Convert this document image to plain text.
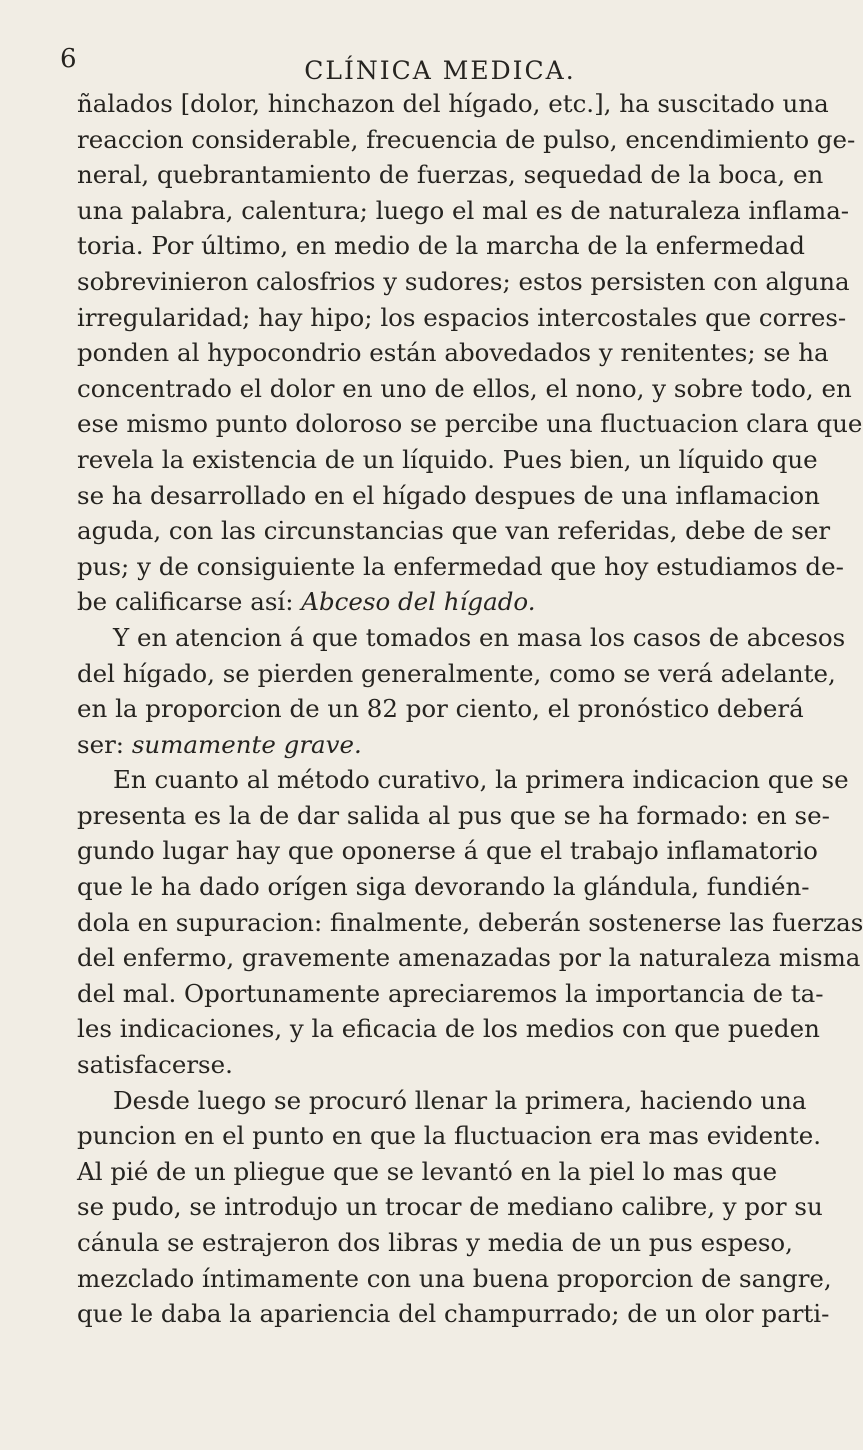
6	CLÍNICA MEDICA.
ñalados [dolor, hinchazon del hígado, etc.], ha suscitado una
reaccion considerable, frecuencia de pulso, encendimiento ge-
neral, quebrantamiento de fuerzas, sequedad de la boca, en
una palabra, calentura; luego el mal es de naturaleza inflama-
toria. Por último, en medio de la marcha de la enfermedad
sobrevinieron calosfrios y sudores; estos persisten con alguna
irregularidad; hay hipo; los espacios intercostales que corres-
ponden al hypocondrio están abovedados y renitentes; se ha
concentrado el dolor en uno de ellos, el nono, y sobre todo, en
ese mismo punto doloroso se percibe una fluctuacion clara que
revela la existencia de un líquido. Pues bien, un líquido que
se ha desarrollado en el hígado despues de una inflamacion
aguda, con las circunstancias que van referidas, debe de ser
pus; y de consiguiente la enfermedad que hoy estudiamos de-
be calificarse así: Abceso del hígado.
Y en atencion á que tomados en masa los casos de abcesos
del hígado, se pierden generalmente, como se verá adelante,
en la proporcion de un 82 por ciento, el pronóstico deberá
ser: sumamente grave.
En cuanto al método curativo, la primera indicacion que se
presenta es la de dar salida al pus que se ha formado: en se-
gundo lugar hay que oponerse á que el trabajo inflamatorio
que le ha dado orígen siga devorando la glándula, fundién-
dola en supuracion: finalmente, deberán sostenerse las fuerzas
del enfermo, gravemente amenazadas por la naturaleza misma
del mal. Oportunamente apreciaremos la importancia de ta-
les indicaciones, y la eficacia de los medios con que pueden
satisfacerse.
Desde luego se procuró llenar la primera, haciendo una
puncion en el punto en que la fluctuacion era mas evidente.
Al pié de un pliegue que se levantó en la piel lo mas que
se pudo, se introdujo un trocar de mediano calibre, y por su
cánula se estrajeron dos libras y media de un pus espeso,
mezclado íntimamente con una buena proporcion de sangre,
que le daba la apariencia del champurrado; de un olor parti-
